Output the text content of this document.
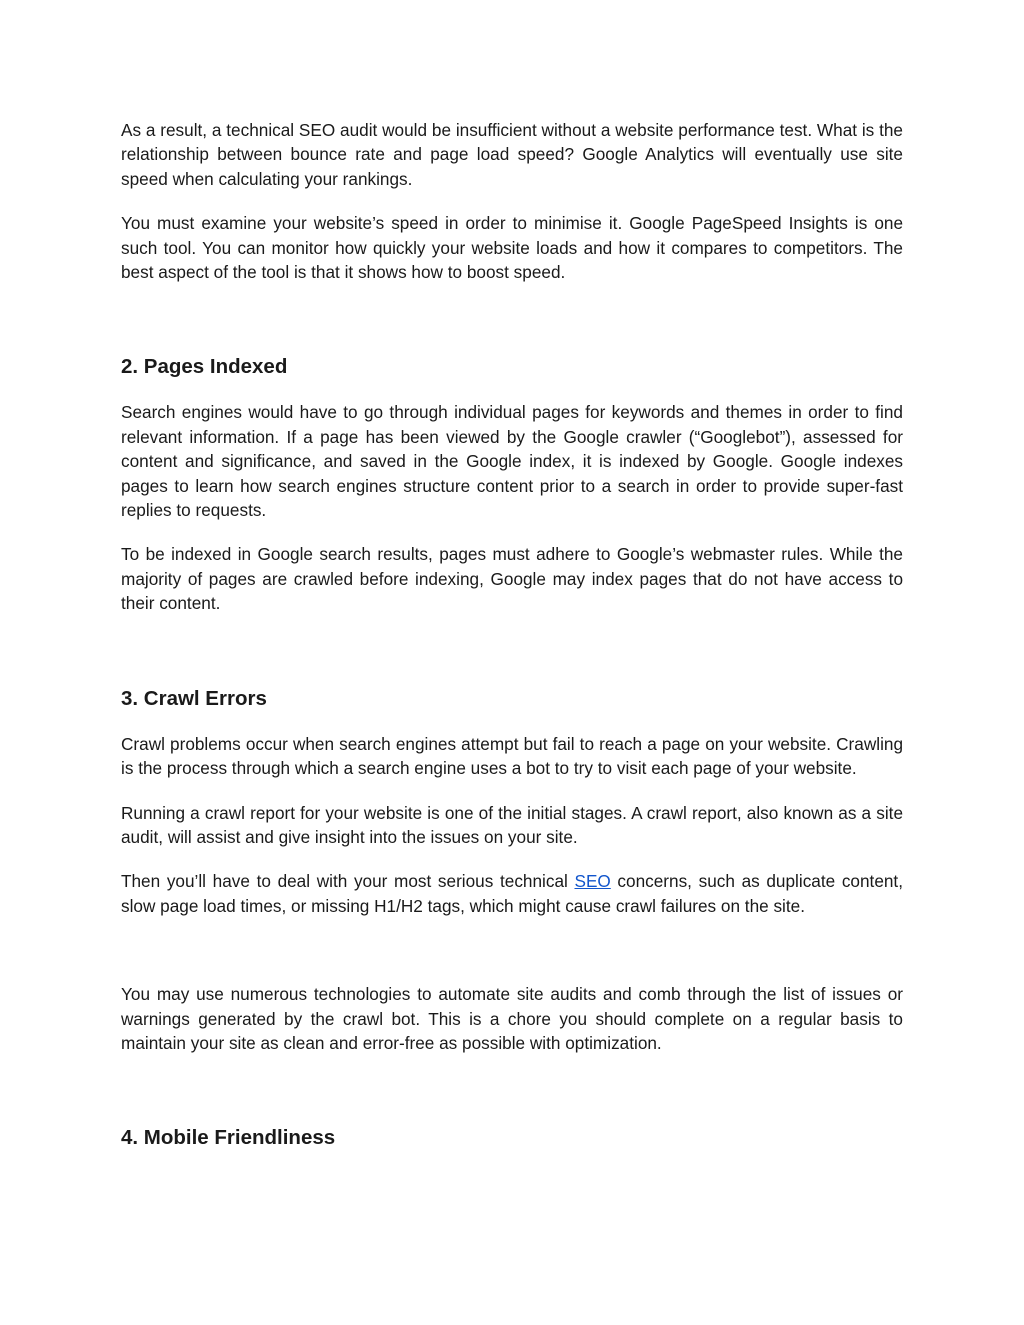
As a result, a technical SEO audit would be insufficient without a website performance test. What is the relationship between bounce rate and page load speed? Google Analytics will eventually use site speed when calculating your rankings.

You must examine your website’s speed in order to minimise it. Google PageSpeed Insights is one such tool. You can monitor how quickly your website loads and how it compares to competitors. The best aspect of the tool is that it shows how to boost speed.

2. Pages Indexed

Search engines would have to go through individual pages for keywords and themes in order to find relevant information. If a page has been viewed by the Google crawler (“Googlebot”), assessed for content and significance, and saved in the Google index, it is indexed by Google. Google indexes pages to learn how search engines structure content prior to a search in order to provide super-fast replies to requests.

To be indexed in Google search results, pages must adhere to Google’s webmaster rules. While the majority of pages are crawled before indexing, Google may index pages that do not have access to their content.

3. Crawl Errors

Crawl problems occur when search engines attempt but fail to reach a page on your website. Crawling is the process through which a search engine uses a bot to try to visit each page of your website.

Running a crawl report for your website is one of the initial stages. A crawl report, also known as a site audit, will assist and give insight into the issues on your site.

Then you’ll have to deal with your most serious technical SEO concerns, such as duplicate content, slow page load times, or missing H1/H2 tags, which might cause crawl failures on the site.

You may use numerous technologies to automate site audits and comb through the list of issues or warnings generated by the crawl bot. This is a chore you should complete on a regular basis to maintain your site as clean and error-free as possible with optimization.

4. Mobile Friendliness
